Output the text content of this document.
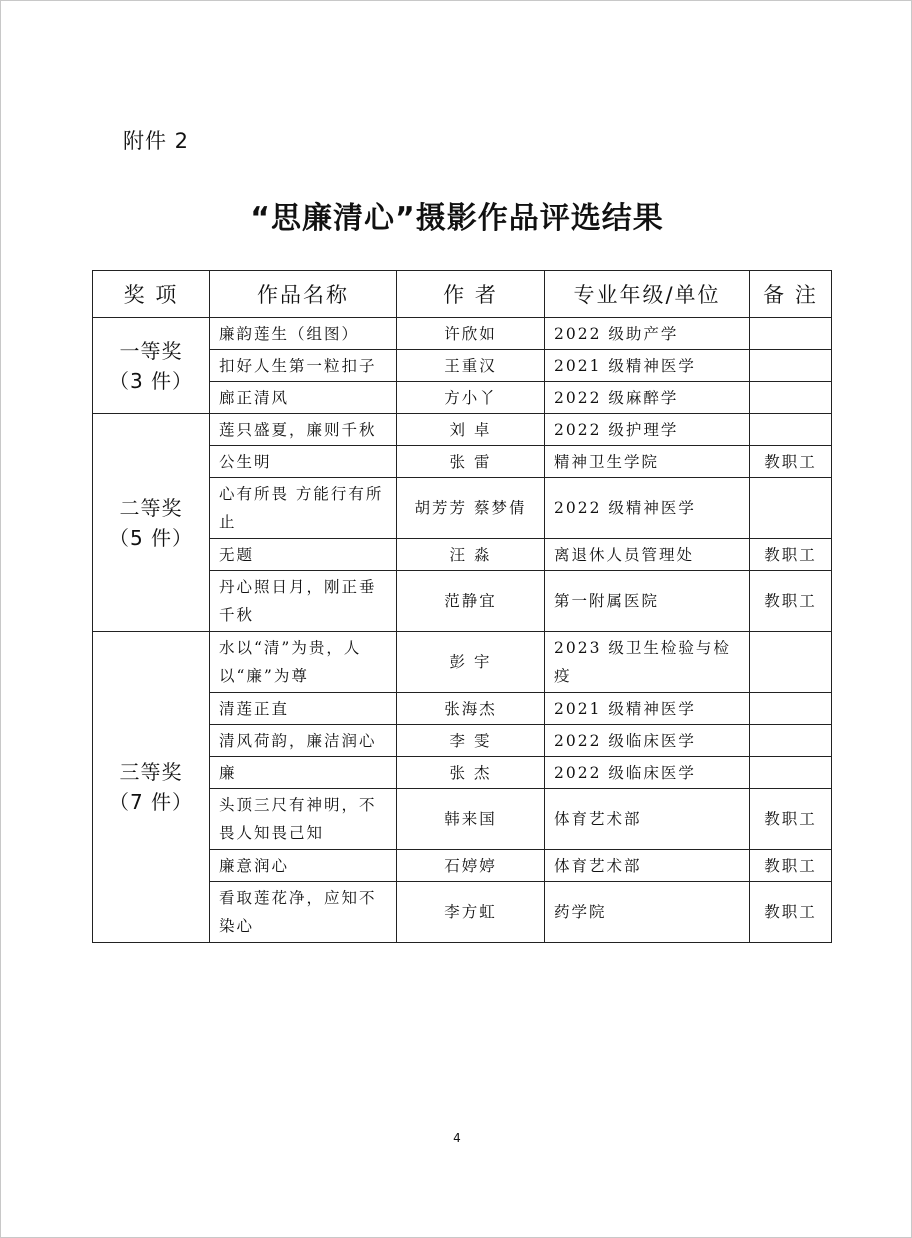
附件 2
“思廉清心”摄影作品评选结果
奖 项	作品名称	作 者	专业年级/单位	备 注

一等奖
（3 件）	廉韵莲生（组图）	许欣如	2022 级助产学	
	扣好人生第一粒扣子	王重汉	2021 级精神医学	
	廊正清风	方小丫	2022 级麻醉学	

二等奖
（5 件）	莲只盛夏，廉则千秋	刘 卓	2022 级护理学	
	公生明	张 雷	精神卫生学院	教职工
	心有所畏 方能行有所止	胡芳芳 蔡梦倩	2022 级精神医学	
	无题	汪 淼	离退休人员管理处	教职工
	丹心照日月，刚正垂千秋	范静宜	第一附属医院	教职工

三等奖
（7 件）	水以“清”为贵，人以“廉”为尊	彭 宇	2023 级卫生检验与检疫	
	清莲正直	张海杰	2021 级精神医学	
	清风荷韵，廉洁润心	李 雯	2022 级临床医学	
	廉	张 杰	2022 级临床医学	
	头顶三尺有神明，不畏人知畏己知	韩来国	体育艺术部	教职工
	廉意润心	石婷婷	体育艺术部	教职工
	看取莲花净，应知不染心	李方虹	药学院	教职工
4
